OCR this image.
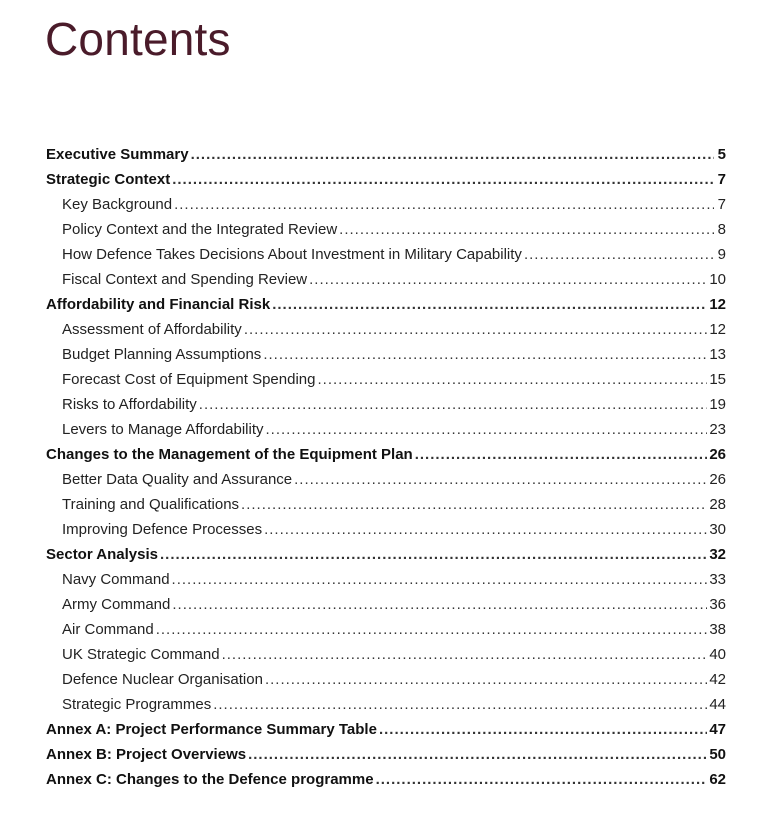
Contents
Executive Summary .....	5
Strategic Context .....	7
Key Background .....	7
Policy Context and the Integrated Review .....	8
How Defence Takes Decisions About Investment in Military Capability .....	9
Fiscal Context and Spending Review .....	10
Affordability and Financial Risk .....	12
Assessment of Affordability .....	12
Budget Planning Assumptions .....	13
Forecast Cost of Equipment Spending .....	15
Risks to Affordability .....	19
Levers to Manage Affordability .....	23
Changes to the Management of the Equipment Plan .....	26
Better Data Quality and Assurance .....	26
Training and Qualifications .....	28
Improving Defence Processes .....	30
Sector Analysis .....	32
Navy Command .....	33
Army Command .....	36
Air Command .....	38
UK Strategic Command .....	40
Defence Nuclear Organisation .....	42
Strategic Programmes .....	44
Annex A: Project Performance Summary Table .....	47
Annex B: Project Overviews .....	50
Annex C: Changes to the Defence programme .....	62
